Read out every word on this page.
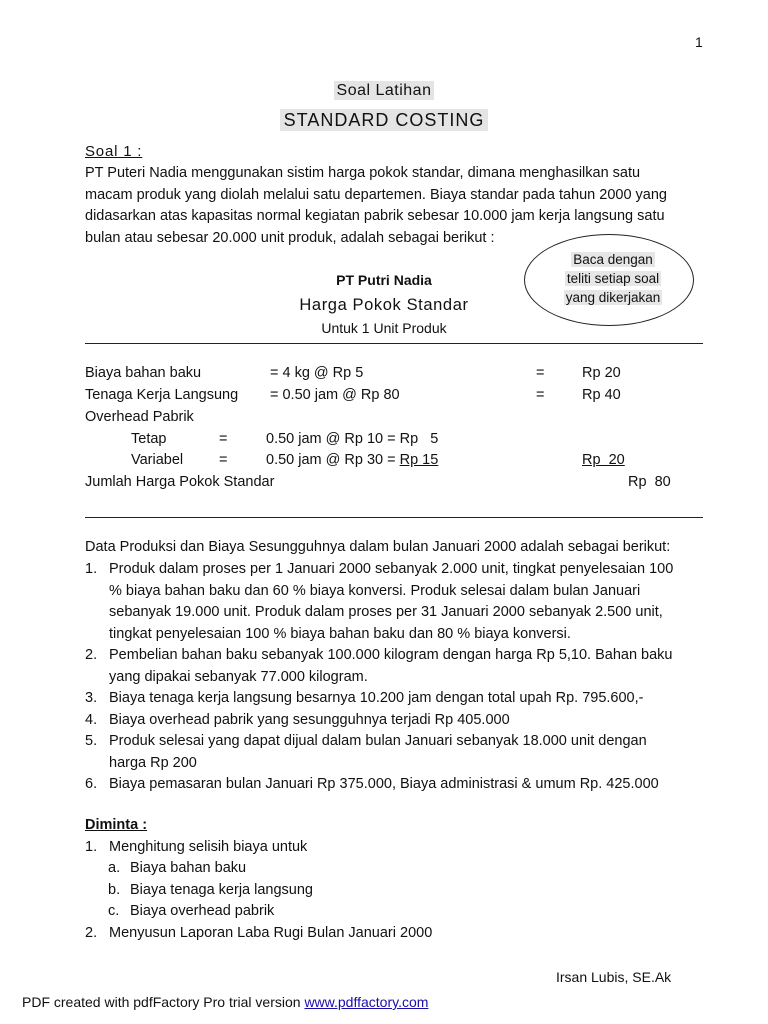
1
Soal Latihan
STANDARD COSTING
Soal 1 :
PT Puteri Nadia menggunakan sistim harga pokok standar, dimana menghasilkan satu
macam produk yang diolah melalui satu departemen. Biaya standar pada tahun 2000 yang
didasarkan atas kapasitas normal kegiatan pabrik sebesar 10.000 jam kerja langsung satu
bulan atau sebesar 20.000 unit produk, adalah sebagai berikut :
Baca dengan
teliti setiap soal
yang dikerjakan
PT Putri Nadia
Harga Pokok Standar
Untuk 1 Unit Produk
Biaya bahan baku	= 4 kg @ Rp 5	=	Rp 20
Tenaga Kerja Langsung = 0.50 jam @ Rp 80	=	Rp 40
Overhead Pabrik
Tetap	=	0.50 jam @ Rp 10 = Rp   5
Variabel =	0.50 jam @ Rp 30 = Rp 15	Rp  20
Jumlah Harga Pokok Standar	Rp  80
Data Produksi dan Biaya Sesungguhnya dalam bulan Januari 2000 adalah sebagai berikut:
1. Produk dalam proses per 1 Januari 2000 sebanyak 2.000 unit, tingkat penyelesaian 100
% biaya bahan baku dan 60 % biaya konversi. Produk selesai dalam bulan Januari
sebanyak 19.000 unit. Produk dalam proses per 31 Januari 2000 sebanyak 2.500 unit,
tingkat penyelesaian 100 % biaya bahan baku dan 80 % biaya konversi.
2. Pembelian bahan baku sebanyak 100.000 kilogram dengan harga Rp 5,10. Bahan baku
yang dipakai sebanyak 77.000 kilogram.
3. Biaya tenaga kerja langsung besarnya 10.200 jam dengan total upah Rp. 795.600,-
4. Biaya overhead pabrik yang sesungguhnya terjadi Rp 405.000
5. Produk selesai yang dapat dijual dalam bulan Januari sebanyak 18.000 unit dengan
harga Rp 200
6. Biaya pemasaran bulan Januari Rp 375.000, Biaya administrasi & umum Rp. 425.000
Diminta :
1. Menghitung selisih biaya untuk
a. Biaya bahan baku
b. Biaya tenaga kerja langsung
c. Biaya overhead pabrik
2. Menyusun Laporan Laba Rugi Bulan Januari 2000
Irsan Lubis, SE.Ak
PDF created with pdfFactory Pro trial version www.pdffactory.com
